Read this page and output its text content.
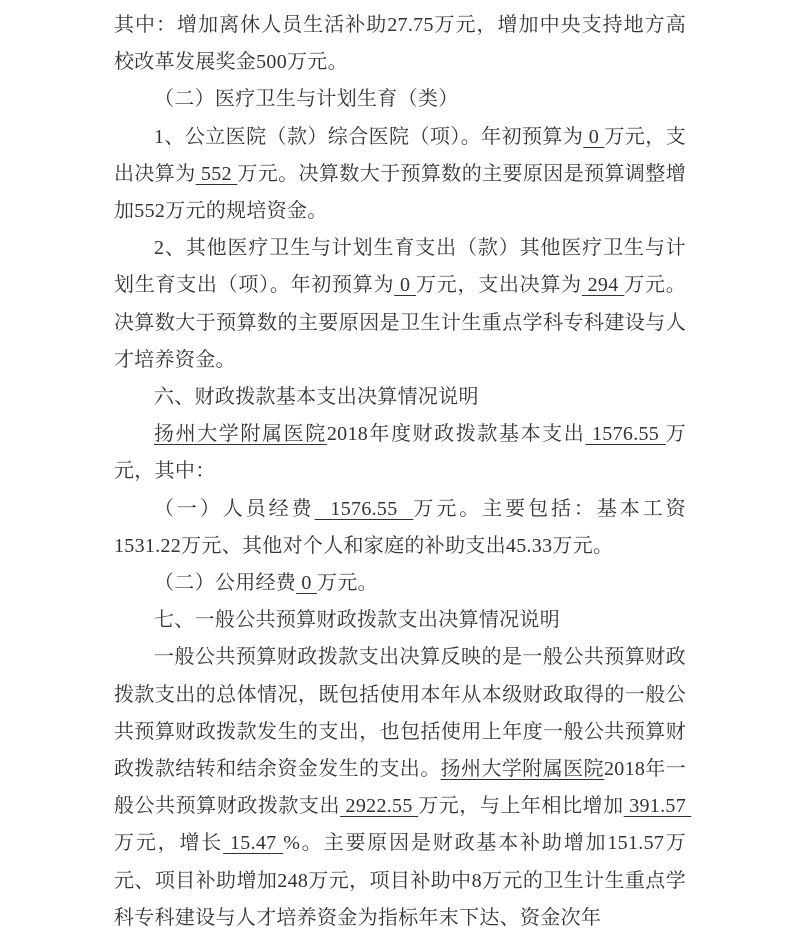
其中：增加离休人员生活补助27.75万元，增加中央支持地方高校改革发展奖金500万元。

（二）医疗卫生与计划生育（类）

1、公立医院（款）综合医院（项）。年初预算为 0 万元，支出决算为 552 万元。决算数大于预算数的主要原因是预算调整增加552万元的规培资金。

2、其他医疗卫生与计划生育支出（款）其他医疗卫生与计划生育支出（项）。年初预算为 0 万元，支出决算为 294 万元。决算数大于预算数的主要原因是卫生计生重点学科专科建设与人才培养资金。

六、财政拨款基本支出决算情况说明

扬州大学附属医院2018年度财政拨款基本支出 1576.55 万元，其中：

（一）人员经费  1576.55  万元。主要包括：基本工资1531.22万元、其他对个人和家庭的补助支出45.33万元。

（二）公用经费 0 万元。

七、一般公共预算财政拨款支出决算情况说明

一般公共预算财政拨款支出决算反映的是一般公共预算财政拨款支出的总体情况，既包括使用本年从本级财政取得的一般公共预算财政拨款发生的支出，也包括使用上年度一般公共预算财政拨款结转和结余资金发生的支出。扬州大学附属医院2018年一般公共预算财政拨款支出 2922.55 万元，与上年相比增加 391.57 万元，增长 15.47 %。主要原因是财政基本补助增加151.57万元、项目补助增加248万元，项目补助中8万元的卫生计生重点学科专科建设与人才培养资金为指标年末下达、资金次年
